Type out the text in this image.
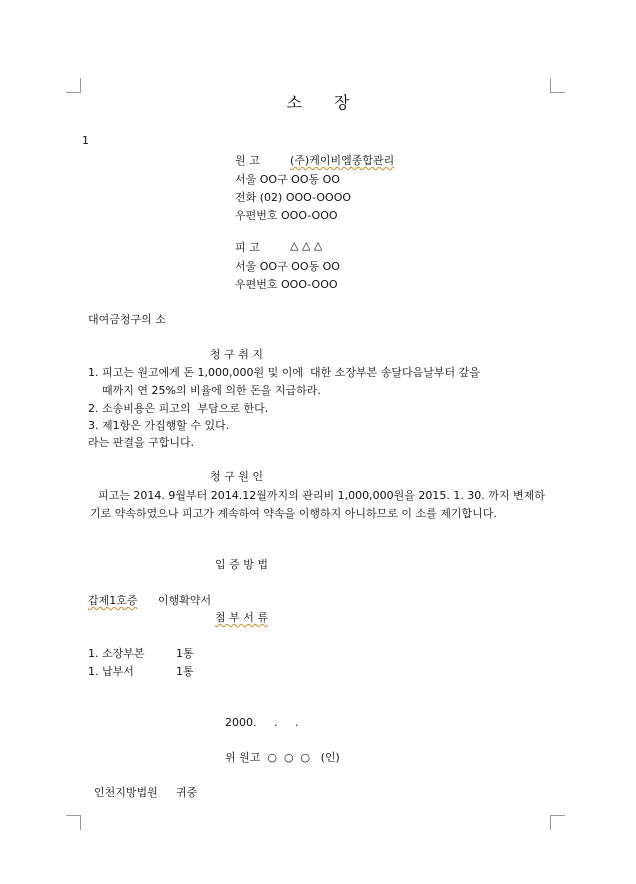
소　　장
1
원 고	(주)케이비엠종합관리
서울 OO구 OO동 OO
전화 (02) OOO-OOOO
우편번호 OOO-OOO
피 고	△ △ △
서울 OO구 OO동 OO
우편번호 OOO-OOO
대여금청구의 소
청 구 취 지
1. 피고는 원고에게 돈 1,000,000원 및 이에  대한 소장부본 송달다음날부터 갚을
때까지 연 25%의 비율에 의한 돈을 지급하라.
2. 소송비용은 피고의  부담으로 한다.
3. 제1항은 가집행할 수 있다.
라는 판결을 구합니다.
청 구 원 인
피고는 2014. 9월부터 2014.12월까지의 관리비 1,000,000원을 2015. 1. 30. 까지 변제하
기로 약속하였으나 피고가 계속하여 약속을 이행하지 아니하므로 이 소를 제기합니다.
입 증 방 법
갑제1호증 이행확약서
첨 부 서 류
1. 소장부본	1통
1. 납부서	1통
2000.     .     .
위 원고  ○  ○  ○   (인)
인천지방법원 귀중
